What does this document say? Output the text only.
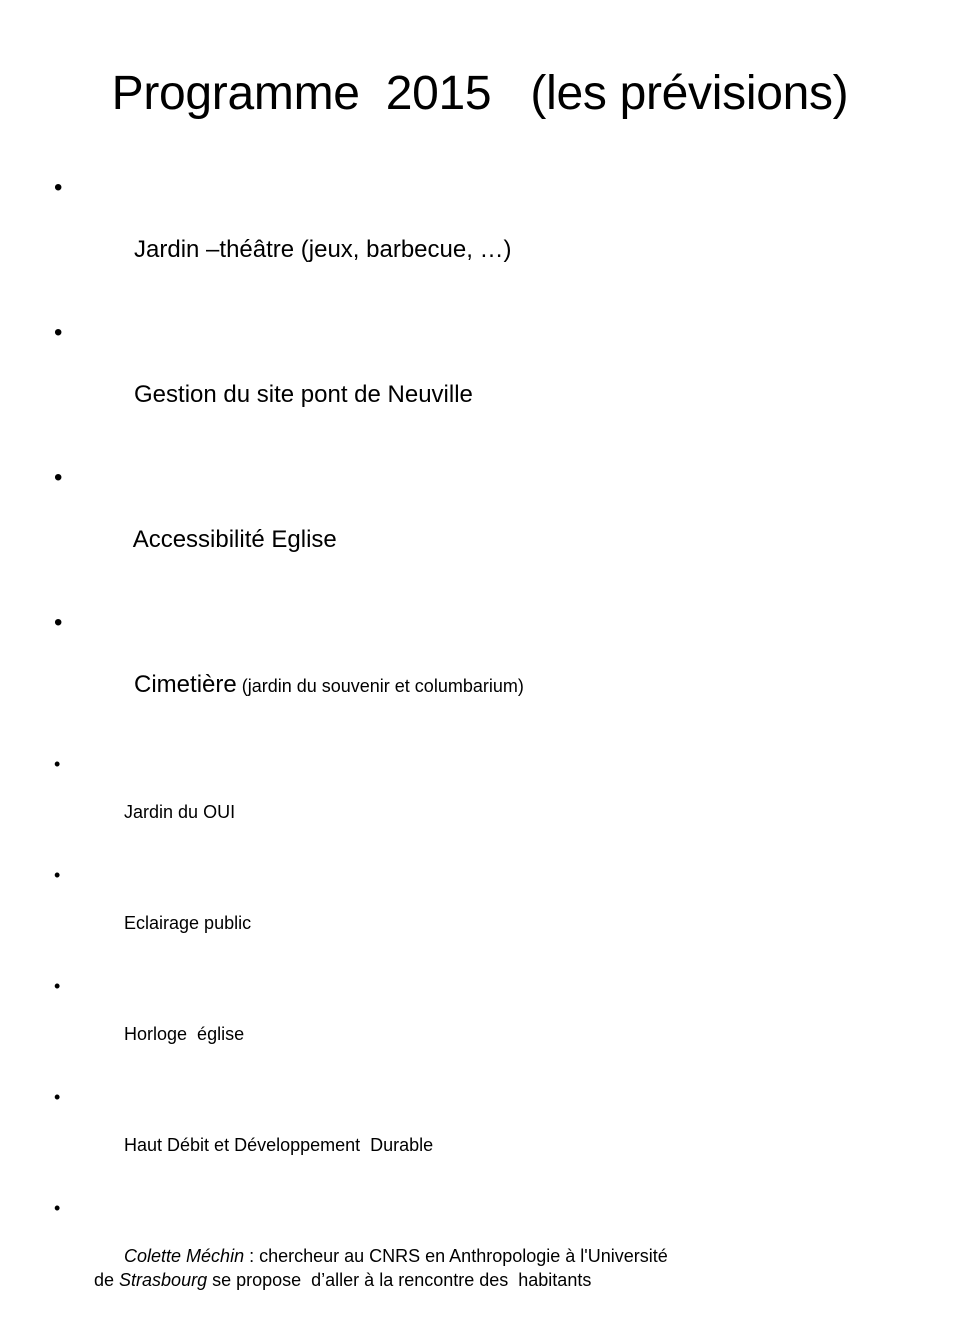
Programme  2015   (les prévisions)

•

Jardin –théâtre (jeux, barbecue, …)

•

Gestion du site pont de Neuville

•

Accessibilité Eglise

•

Cimetière (jardin du souvenir et columbarium)

•

Jardin du OUI

•

Eclairage public

•

Horloge  église

•

Haut Débit et Développement  Durable

•

Colette Méchin : chercheur au CNRS en Anthropologie à l'Université
de Strasbourg se propose  d’aller à la rencontre des  habitants
